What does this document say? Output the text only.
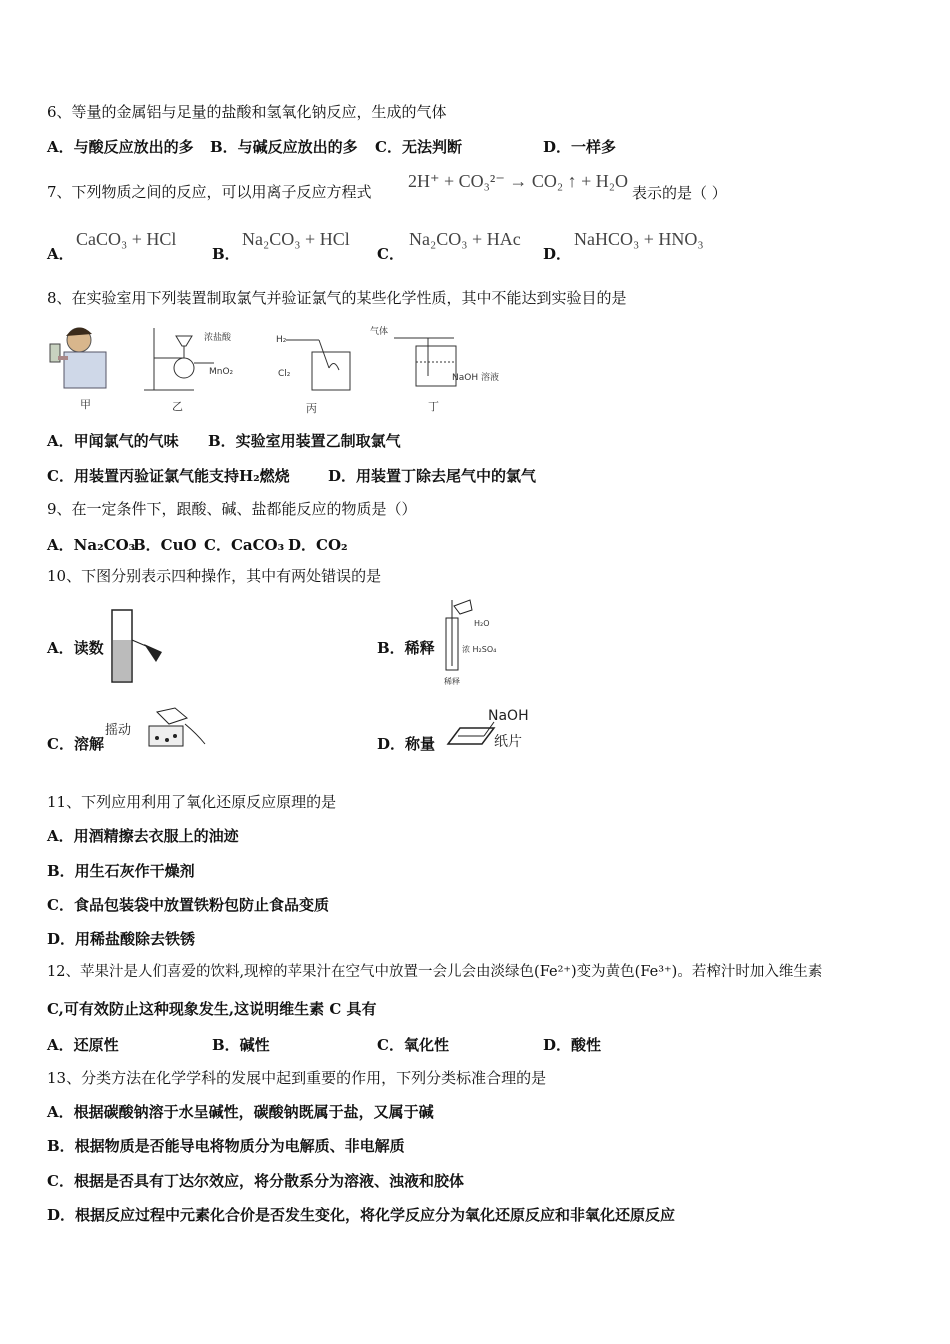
6、等量的金属铝与足量的盐酸和氢氧化钠反应，生成的气体
A．与酸反应放出的多 B．与碱反应放出的多 C．无法判断	D．一样多
7、下列物质之间的反应，可以用离子反应方程式
2H⁺ + CO₃²⁻ → CO₂ ↑ + H₂O
表示的是（ ）
A．
CaCO₃ + HCl
B．
Na₂CO₃ + HCl
C．
Na₂CO₃ + HAc
D．
NaHCO₃ + HNO₃
8、在实验室用下列装置制取氯气并验证氯气的某些化学性质，其中不能达到实验目的是
甲
浓盐酸
MnO₂
乙
H₂
Cl₂
丙
气体
NaOH 溶液
丁
A．甲闻氯气的气味 B．实验室用装置乙制取氯气
C．用装置丙验证氯气能支持H₂燃烧	D．用装置丁除去尾气中的氯气
9、在一定条件下，跟酸、碱、盐都能反应的物质是（）
A．Na₂CO₃
B．CuO C．CaCO₃ D．CO₂
10、下图分别表示四种操作，其中有两处错误的是
A．读数	B．稀释
H₂O
浓 H₂SO₄
稀释
C．溶解
摇动
D．称量
NaOH
纸片
11、下列应用利用了氧化还原反应原理的是
A．用酒精擦去衣服上的油迹
B．用生石灰作干燥剂
C．食品包装袋中放置铁粉包防止食品变质
D．用稀盐酸除去铁锈
12、苹果汁是人们喜爱的饮料,现榨的苹果汁在空气中放置一会儿会由淡绿色(Fe²⁺)变为黄色(Fe³⁺)。若榨汁时加入维生素
C,可有效防止这种现象发生,这说明维生素 C 具有
A．还原性	B．碱性	C．氧化性	D．酸性
13、分类方法在化学学科的发展中起到重要的作用，下列分类标准合理的是
A．根据碳酸钠溶于水呈碱性，碳酸钠既属于盐，又属于碱
B．根据物质是否能导电将物质分为电解质、非电解质
C．根据是否具有丁达尔效应，将分散系分为溶液、浊液和胶体
D．根据反应过程中元素化合价是否发生变化，将化学反应分为氧化还原反应和非氧化还原反应
